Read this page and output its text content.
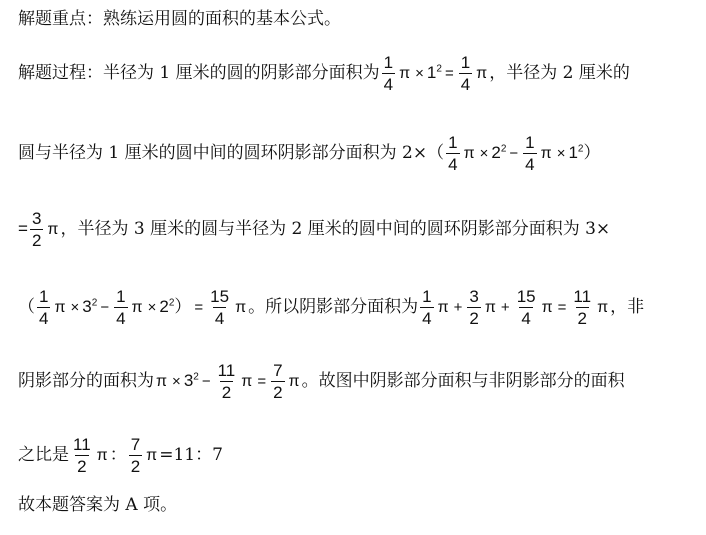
解题重点：熟练运用圆的面积的基本公式。
解题过程：半径为 1 厘米的圆的阴影部分面积为 $\frac{1}{4}$ $\pi \times 1^2 = \frac{1}{4}$ π ，半径为 2 厘米的
圆与半径为 1 厘米的圆中间的圆环阴影部分面积为 $2\times( \frac{1}{4}$ $\pi \times 2^2 - \frac{1}{4}$ $\pi \times 1^2$）
= $\frac{3}{2}$ π ，半径为 3 厘米的圆与半径为 2 厘米的圆中间的圆环阴影部分面积为 3×
（ $\frac{1}{4}$ $\pi \times 3^2 - \frac{1}{4}$ $\pi \times 2^2) = \frac{15}{4}$ π 。所以阴影部分面积为 $\frac{1}{4}$ $\pi + \frac{3}{2}$ $\pi + \frac{15}{4}$ $\pi = \frac{11}{2}$ π ，非
阴影部分的面积为 $\pi \times 3^2 - \frac{11}{2}$ $\pi = \frac{7}{2}$ π 。故图中阴影部分面积与非阴影部分的面积
之比是 $\frac{11}{2}$ π ： $\frac{7}{2}$ π =11：7
故本题答案为 A 项。
